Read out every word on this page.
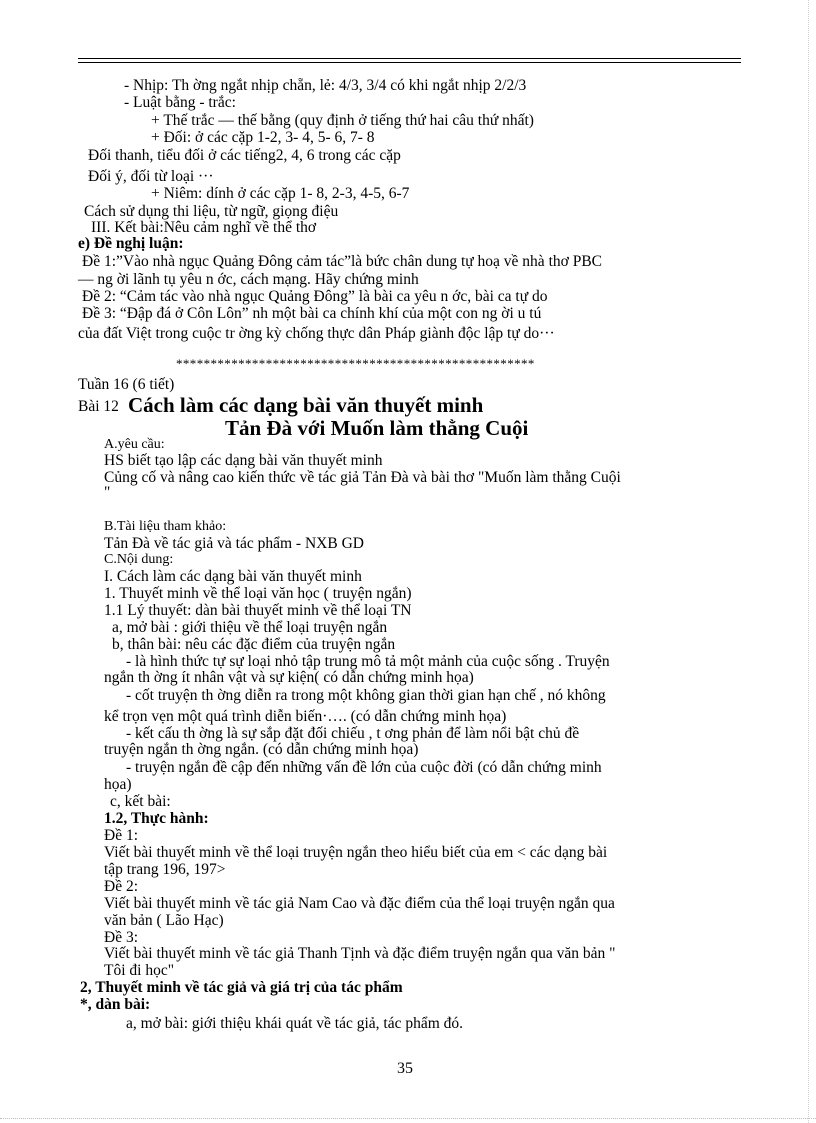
- Nhịp: Th ờng ngắt nhịp chẵn, lẻ: 4/3, 3/4 có khi ngắt nhịp 2/2/3
- Luật bằng - trắc:
+ Thế trắc — thế bằng (quy định ở tiếng thứ hai câu thứ nhất)
+ Đối: ở các cặp 1-2, 3- 4, 5- 6, 7- 8
Đối thanh, tiểu đối ở các tiếng2, 4, 6 trong các cặp
Đối ý, đối từ loại ···
+ Niêm: dính ở các cặp 1- 8, 2-3, 4-5, 6-7
Cách sử dụng thi liệu, từ ngữ, giọng điệu
III. Kết bài:Nêu cảm nghĩ về thể thơ
e) Đề nghị luận:
Đề 1:”Vào nhà ngục Quảng Đông cảm tác”là bức chân dung tự hoạ về nhà thơ PBC
— ng ời lãnh tụ yêu n ớc, cách mạng. Hãy chứng minh
Đề 2: “Cảm tác vào nhà ngục Quảng Đông” là bài ca yêu n ớc, bài ca tự do
Đề 3: “Đập đá ở Côn Lôn” nh một bài ca chính khí của một con ng ời u tú
của đất Việt trong cuộc tr ờng kỳ chống thực dân Pháp giành độc lập tự do···
****************************************************
Tuần 16 (6 tiết)
Bài 12 Cách làm các dạng bài văn thuyết minh
Tản Đà với Muốn làm thằng Cuội
A.yêu cầu:
HS biết tạo lập các dạng bài văn thuyết minh
Củng cố và nâng cao kiến thức về tác giả Tản Đà và bài thơ "Muốn làm thằng Cuội
"
B.Tài liệu tham khảo:
Tản Đà về tác giả và tác phẩm - NXB GD
C.Nội dung:
I. Cách làm các dạng bài văn thuyết minh
1. Thuyết minh về thể loại văn học ( truyện ngắn)
1.1 Lý thuyết: dàn bài thuyết minh về thể loại TN
a, mở bài : giới thiệu về thể loại truyện ngắn
b, thân bài: nêu các đặc điểm của truyện ngắn
- là hình thức tự sự loại nhỏ tập trung mô tả một mảnh của cuộc sống . Truyện
ngắn th ờng ít nhân vật và sự kiện( có dẫn chứng minh họa)
- cốt truyện th ờng diễn ra trong một không gian thời gian hạn chế , nó không
kể trọn vẹn một quá trình diễn biến·…. (có dẫn chứng minh họa)
- kết cấu th ờng là sự sắp đặt đối chiếu , t ơng phản để làm nổi bật chủ đề
truyện ngắn th ờng ngắn. (có dẫn chứng minh họa)
- truyện ngắn đề cập đến những vấn đề lớn của cuộc đời (có dẫn chứng minh
họa)
c, kết bài:
1.2, Thực hành:
Đề 1:
Viết bài thuyết minh về thể loại truyện ngắn theo hiểu biết của em < các dạng bài
tập trang 196, 197>
Đề 2:
Viết bài thuyết minh về tác giả Nam Cao và đặc điểm của thể loại truyện ngắn qua
văn bản ( Lão Hạc)
Đề 3:
Viết bài thuyết minh về tác giả Thanh Tịnh và đặc điểm truyện ngắn qua văn bản "
Tôi đi học"
2, Thuyết minh về tác giả và giá trị của tác phẩm
*, dàn bài:
a, mở bài: giới thiệu khái quát về tác giả, tác phẩm đó.
35
